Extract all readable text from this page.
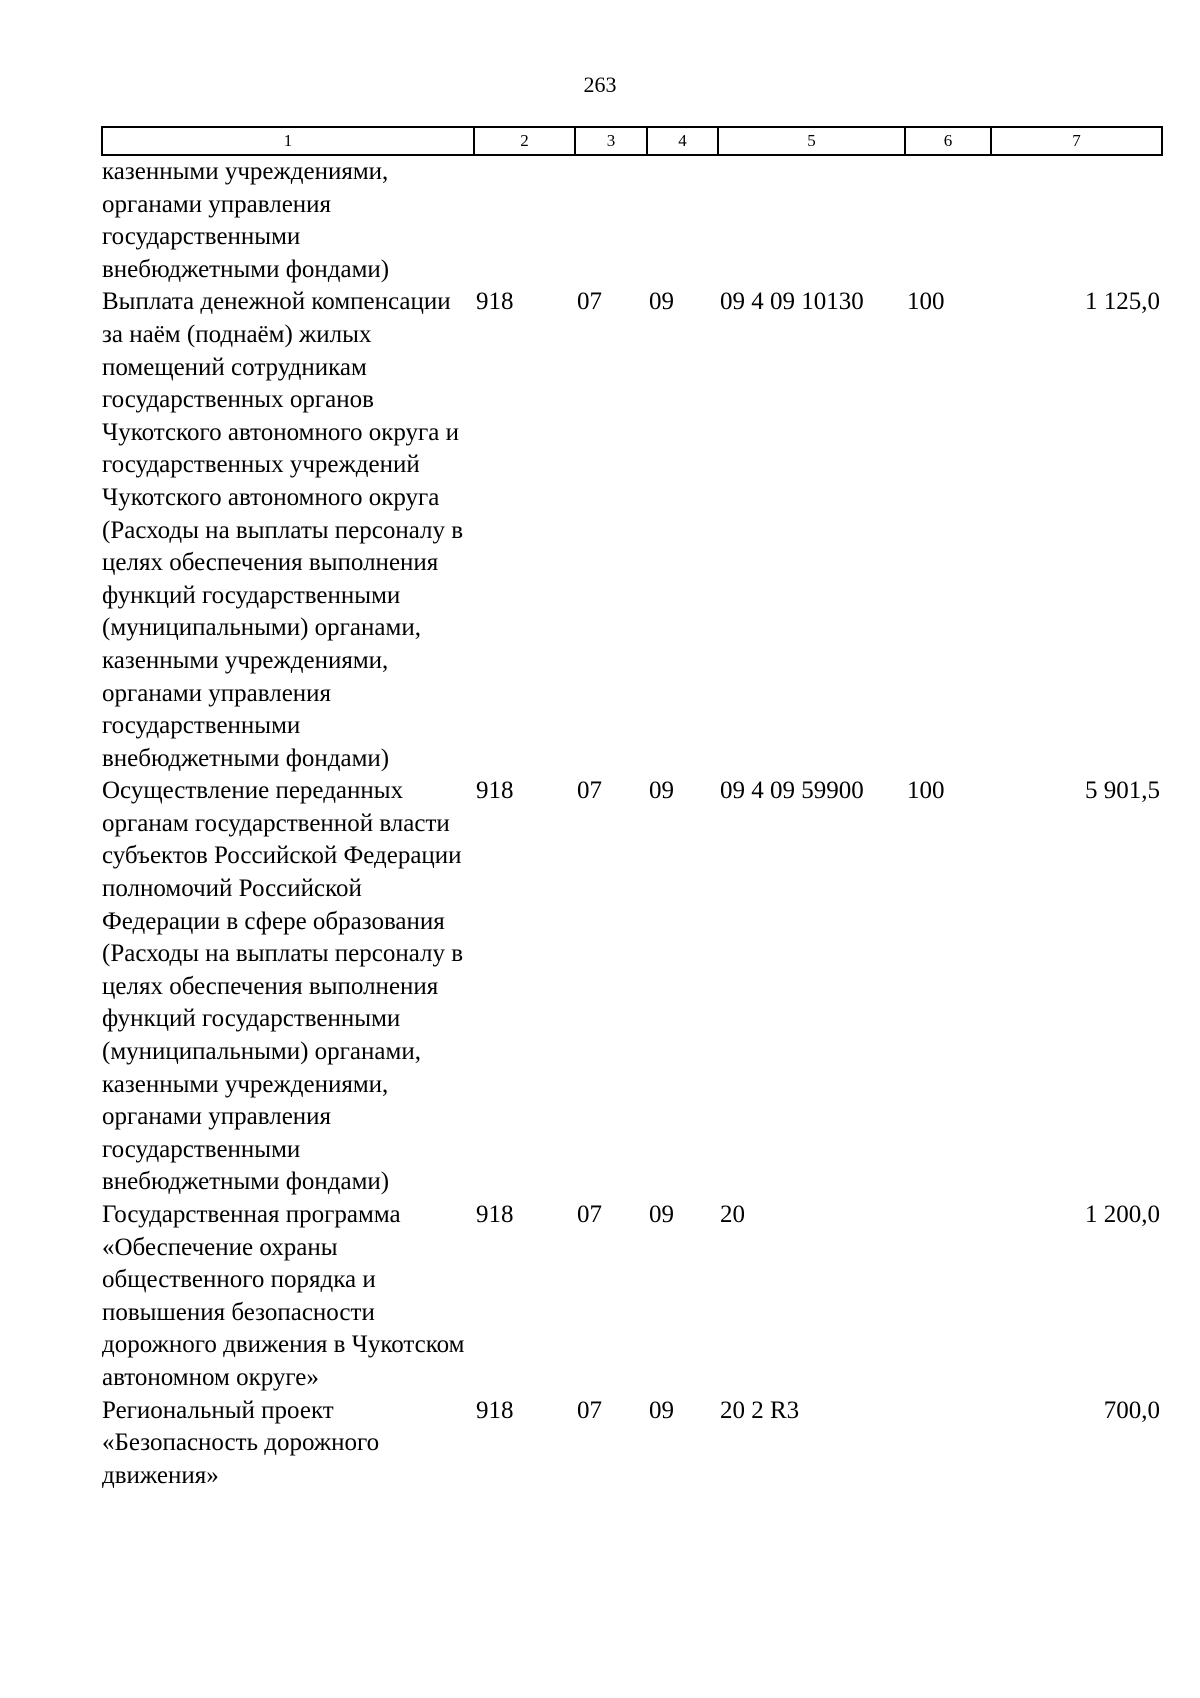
263
1	2	3	4	5	6	7
казенными учреждениями, органами управления государственными внебюджетными фондами)						
Выплата денежной компенсации за наём (поднаём) жилых помещений сотрудникам государственных органов Чукотского автономного округа и государственных учреждений Чукотского автономного округа (Расходы на выплаты персоналу в целях обеспечения выполнения функций государственными (муниципальными) органами, казенными учреждениями, органами управления государственными внебюджетными фондами)	918	07	09	09 4 09 10130	100	1 125,0
Осуществление переданных органам государственной власти субъектов Российской Федерации полномочий Российской Федерации в сфере образования (Расходы на выплаты персоналу в целях обеспечения выполнения функций государственными (муниципальными) органами, казенными учреждениями, органами управления государственными внебюджетными фондами)	918	07	09	09 4 09 59900	100	5 901,5
Государственная программа «Обеспечение охраны общественного порядка и повышения безопасности дорожного движения в Чукотском автономном округе»	918	07	09	20		1 200,0
Региональный проект «Безопасность дорожного движения»	918	07	09	20 2 R3		700,0
